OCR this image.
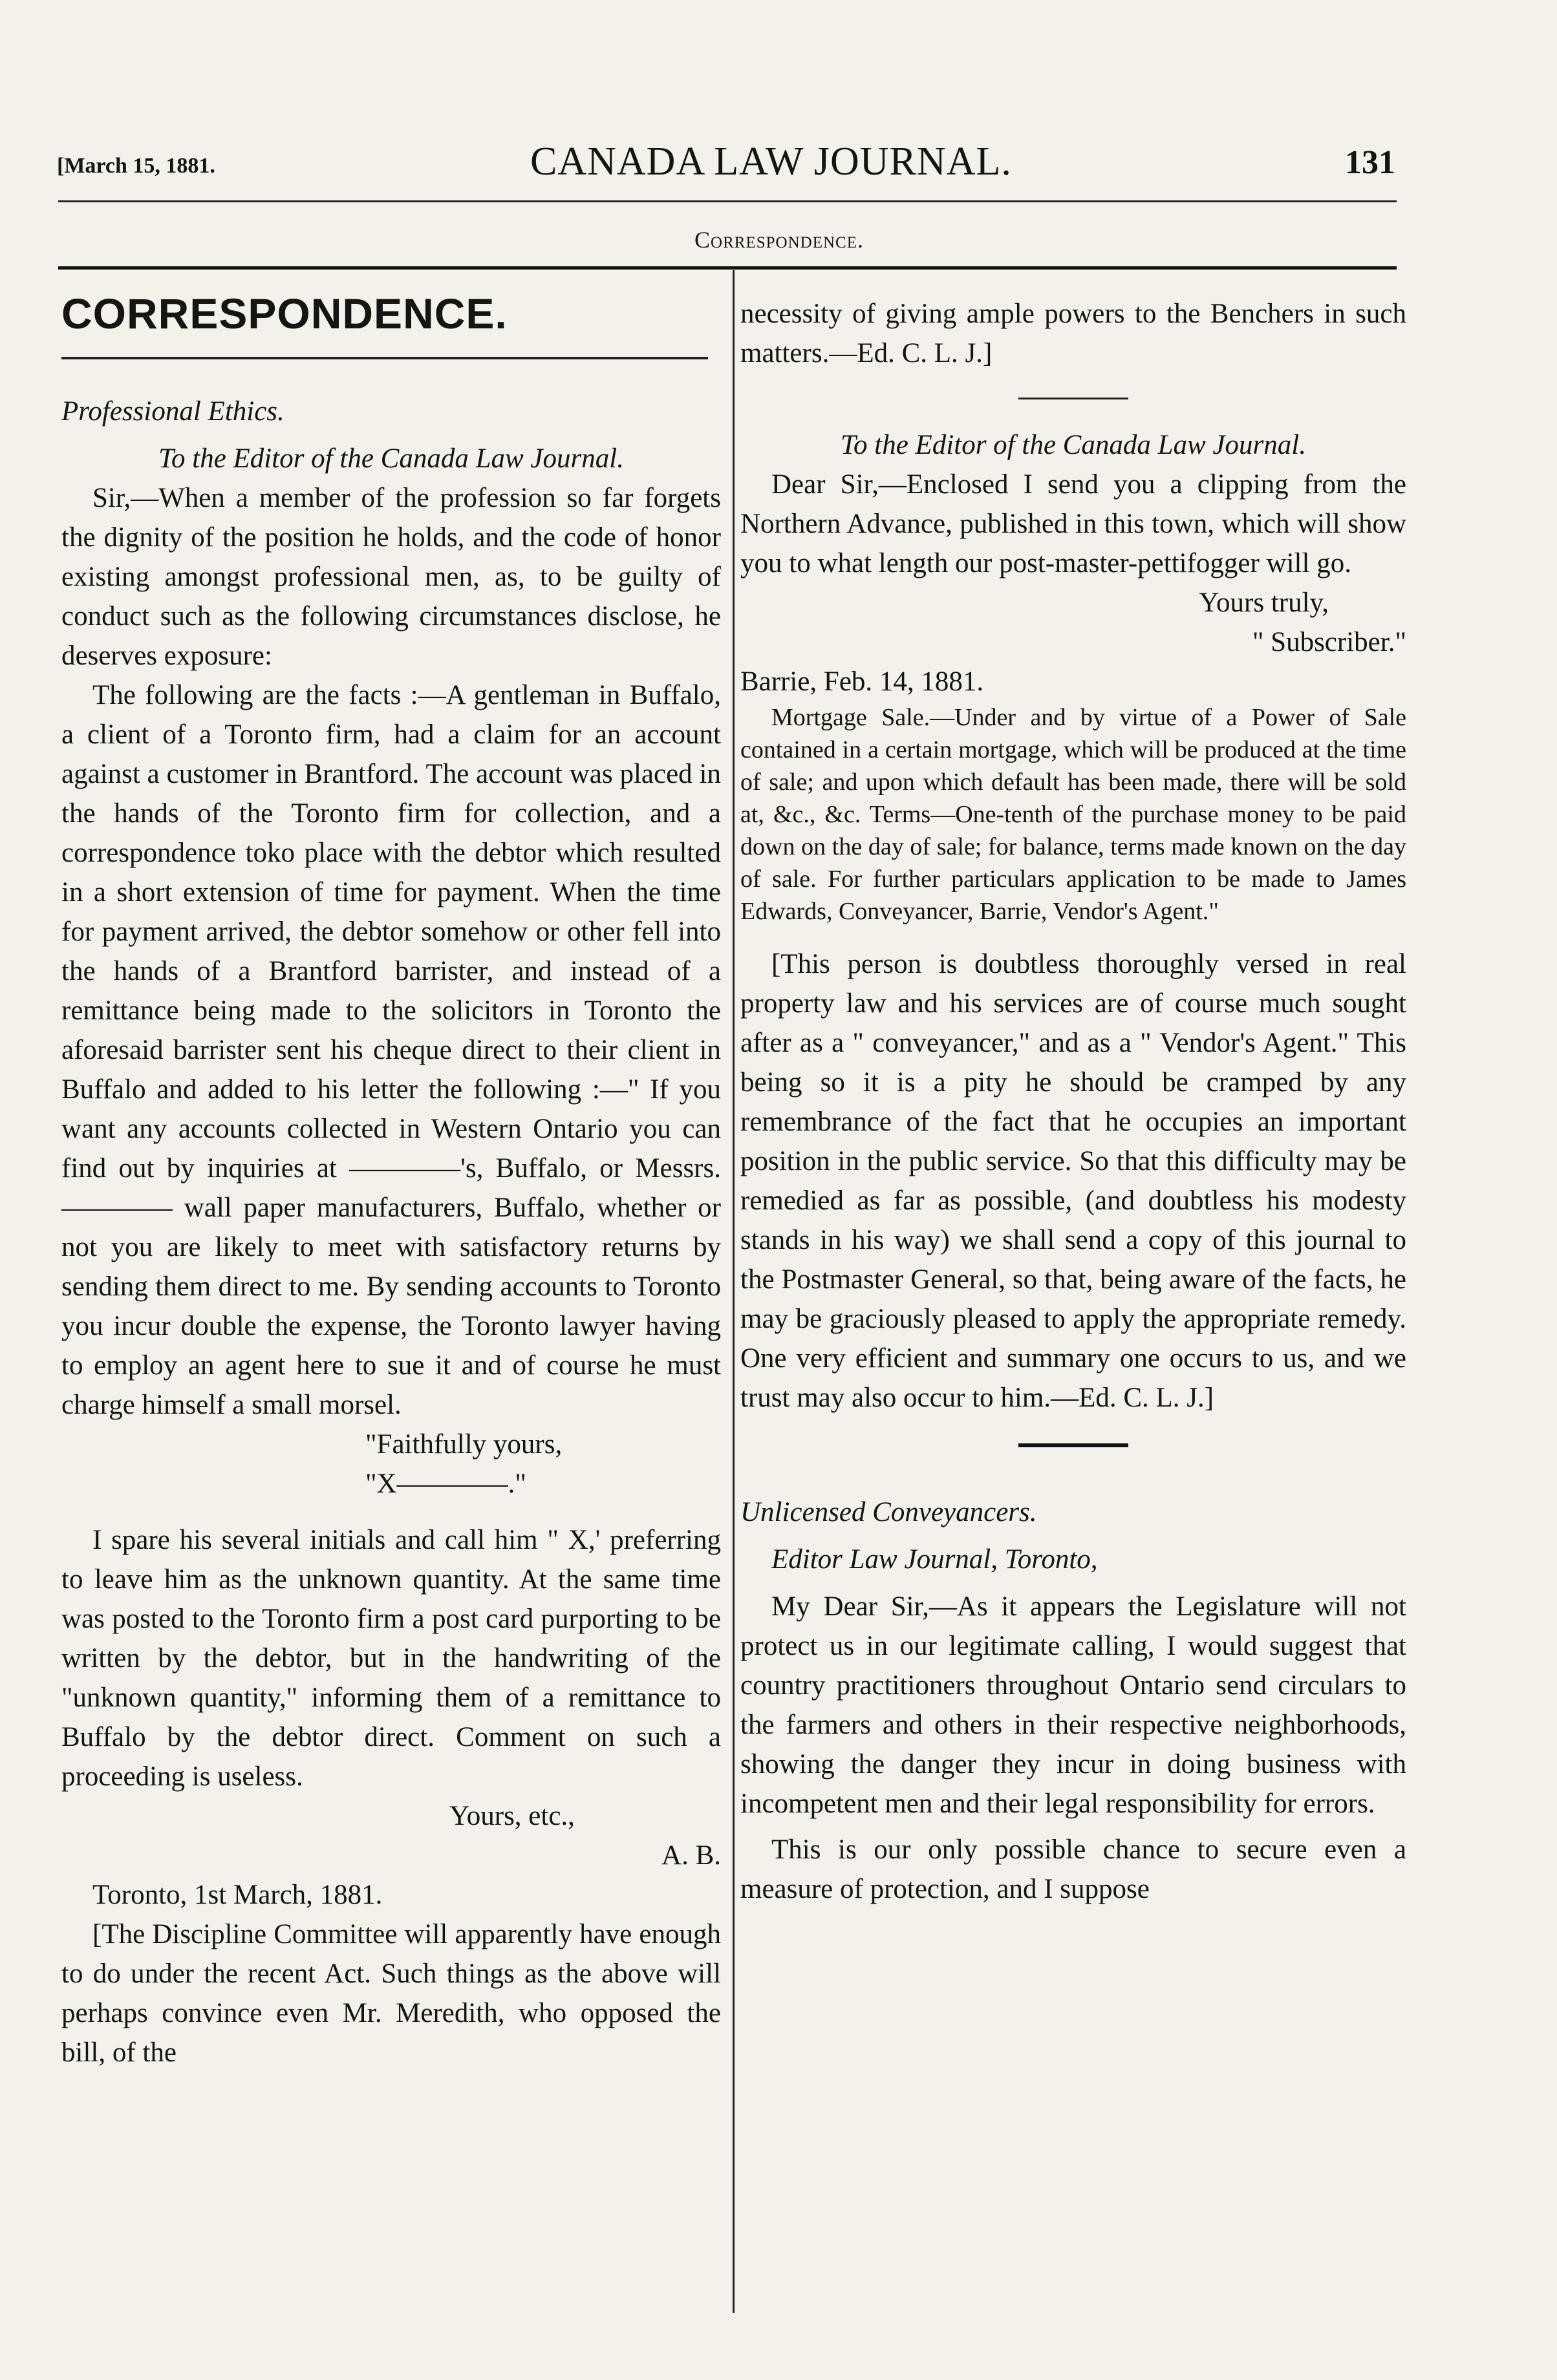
[March 15, 1881.	CANADA LAW JOURNAL.	131
Correspondence.

CORRESPONDENCE.

Professional Ethics.

To the Editor of the Canada Law Journal.

Sir,—When a member of the profession so far forgets the dignity of the position he holds, and the code of honor existing amongst professional men, as, to be guilty of conduct such as the following circumstances disclose, he deserves exposure:

The following are the facts :—A gentleman in Buffalo, a client of a Toronto firm, had a claim for an account against a customer in Brantford. The account was placed in the hands of the Toronto firm for collection, and a correspondence toko place with the debtor which resulted in a short extension of time for payment. When the time for payment arrived, the debtor somehow or other fell into the hands of a Brantford barrister, and instead of a remittance being made to the solicitors in Toronto the aforesaid barrister sent his cheque direct to their client in Buffalo and added to his letter the following :—" If you want any accounts collected in Western Ontario you can find out by inquiries at ————'s, Buffalo, or Messrs. ———— wall paper manufacturers, Buffalo, whether or not you are likely to meet with satisfactory returns by sending them direct to me. By sending accounts to Toronto you incur double the expense, the Toronto lawyer having to employ an agent here to sue it and of course he must charge himself a small morsel.

"Faithfully yours,

"X————."

I spare his several initials and call him " X,' preferring to leave him as the unknown quantity. At the same time was posted to the Toronto firm a post card purporting to be written by the debtor, but in the handwriting of the "unknown quantity," informing them of a remittance to Buffalo by the debtor direct. Comment on such a proceeding is useless.

Yours, etc.,

A. B.

Toronto, 1st March, 1881.

[The Discipline Committee will apparently have enough to do under the recent Act. Such things as the above will perhaps convince even Mr. Meredith, who opposed the bill, of the

necessity of giving ample powers to the Benchers in such matters.—Ed. C. L. J.]

To the Editor of the Canada Law Journal.

Dear Sir,—Enclosed I send you a clipping from the Northern Advance, published in this town, which will show you to what length our post-master-pettifogger will go.

Yours truly,

" Subscriber."

Barrie, Feb. 14, 1881.

Mortgage Sale.—Under and by virtue of a Power of Sale contained in a certain mortgage, which will be produced at the time of sale; and upon which default has been made, there will be sold at, &c., &c. Terms—One-tenth of the purchase money to be paid down on the day of sale; for balance, terms made known on the day of sale. For further particulars application to be made to James Edwards, Conveyancer, Barrie, Vendor's Agent."

[This person is doubtless thoroughly versed in real property law and his services are of course much sought after as a " conveyancer," and as a " Vendor's Agent." This being so it is a pity he should be cramped by any remembrance of the fact that he occupies an important position in the public service. So that this difficulty may be remedied as far as possible, (and doubtless his modesty stands in his way) we shall send a copy of this journal to the Postmaster General, so that, being aware of the facts, he may be graciously pleased to apply the appropriate remedy. One very efficient and summary one occurs to us, and we trust may also occur to him.—Ed. C. L. J.]

Unlicensed Conveyancers.

Editor Law Journal, Toronto,

My Dear Sir,—As it appears the Legislature will not protect us in our legitimate calling, I would suggest that country practitioners throughout Ontario send circulars to the farmers and others in their respective neighborhoods, showing the danger they incur in doing business with incompetent men and their legal responsibility for errors.

This is our only possible chance to secure even a measure of protection, and I suppose
